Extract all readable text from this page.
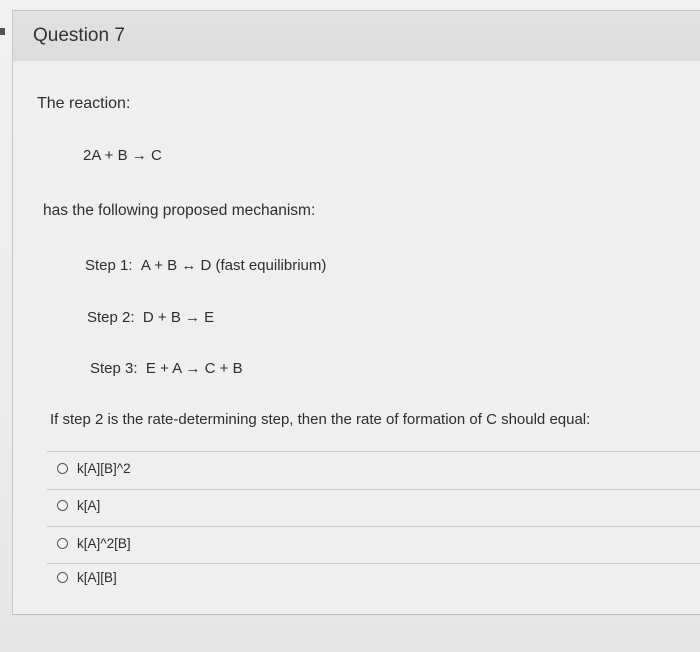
Question 7
The reaction:
2A + B → C
has the following proposed mechanism:
Step 1: A + B ↔ D (fast equilibrium)
Step 2: D + B → E
Step 3: E + A → C + B
If step 2 is the rate-determining step, then the rate of formation of C should equal:
k[A][B]^2
k[A]
k[A]^2[B]
k[A][B]
